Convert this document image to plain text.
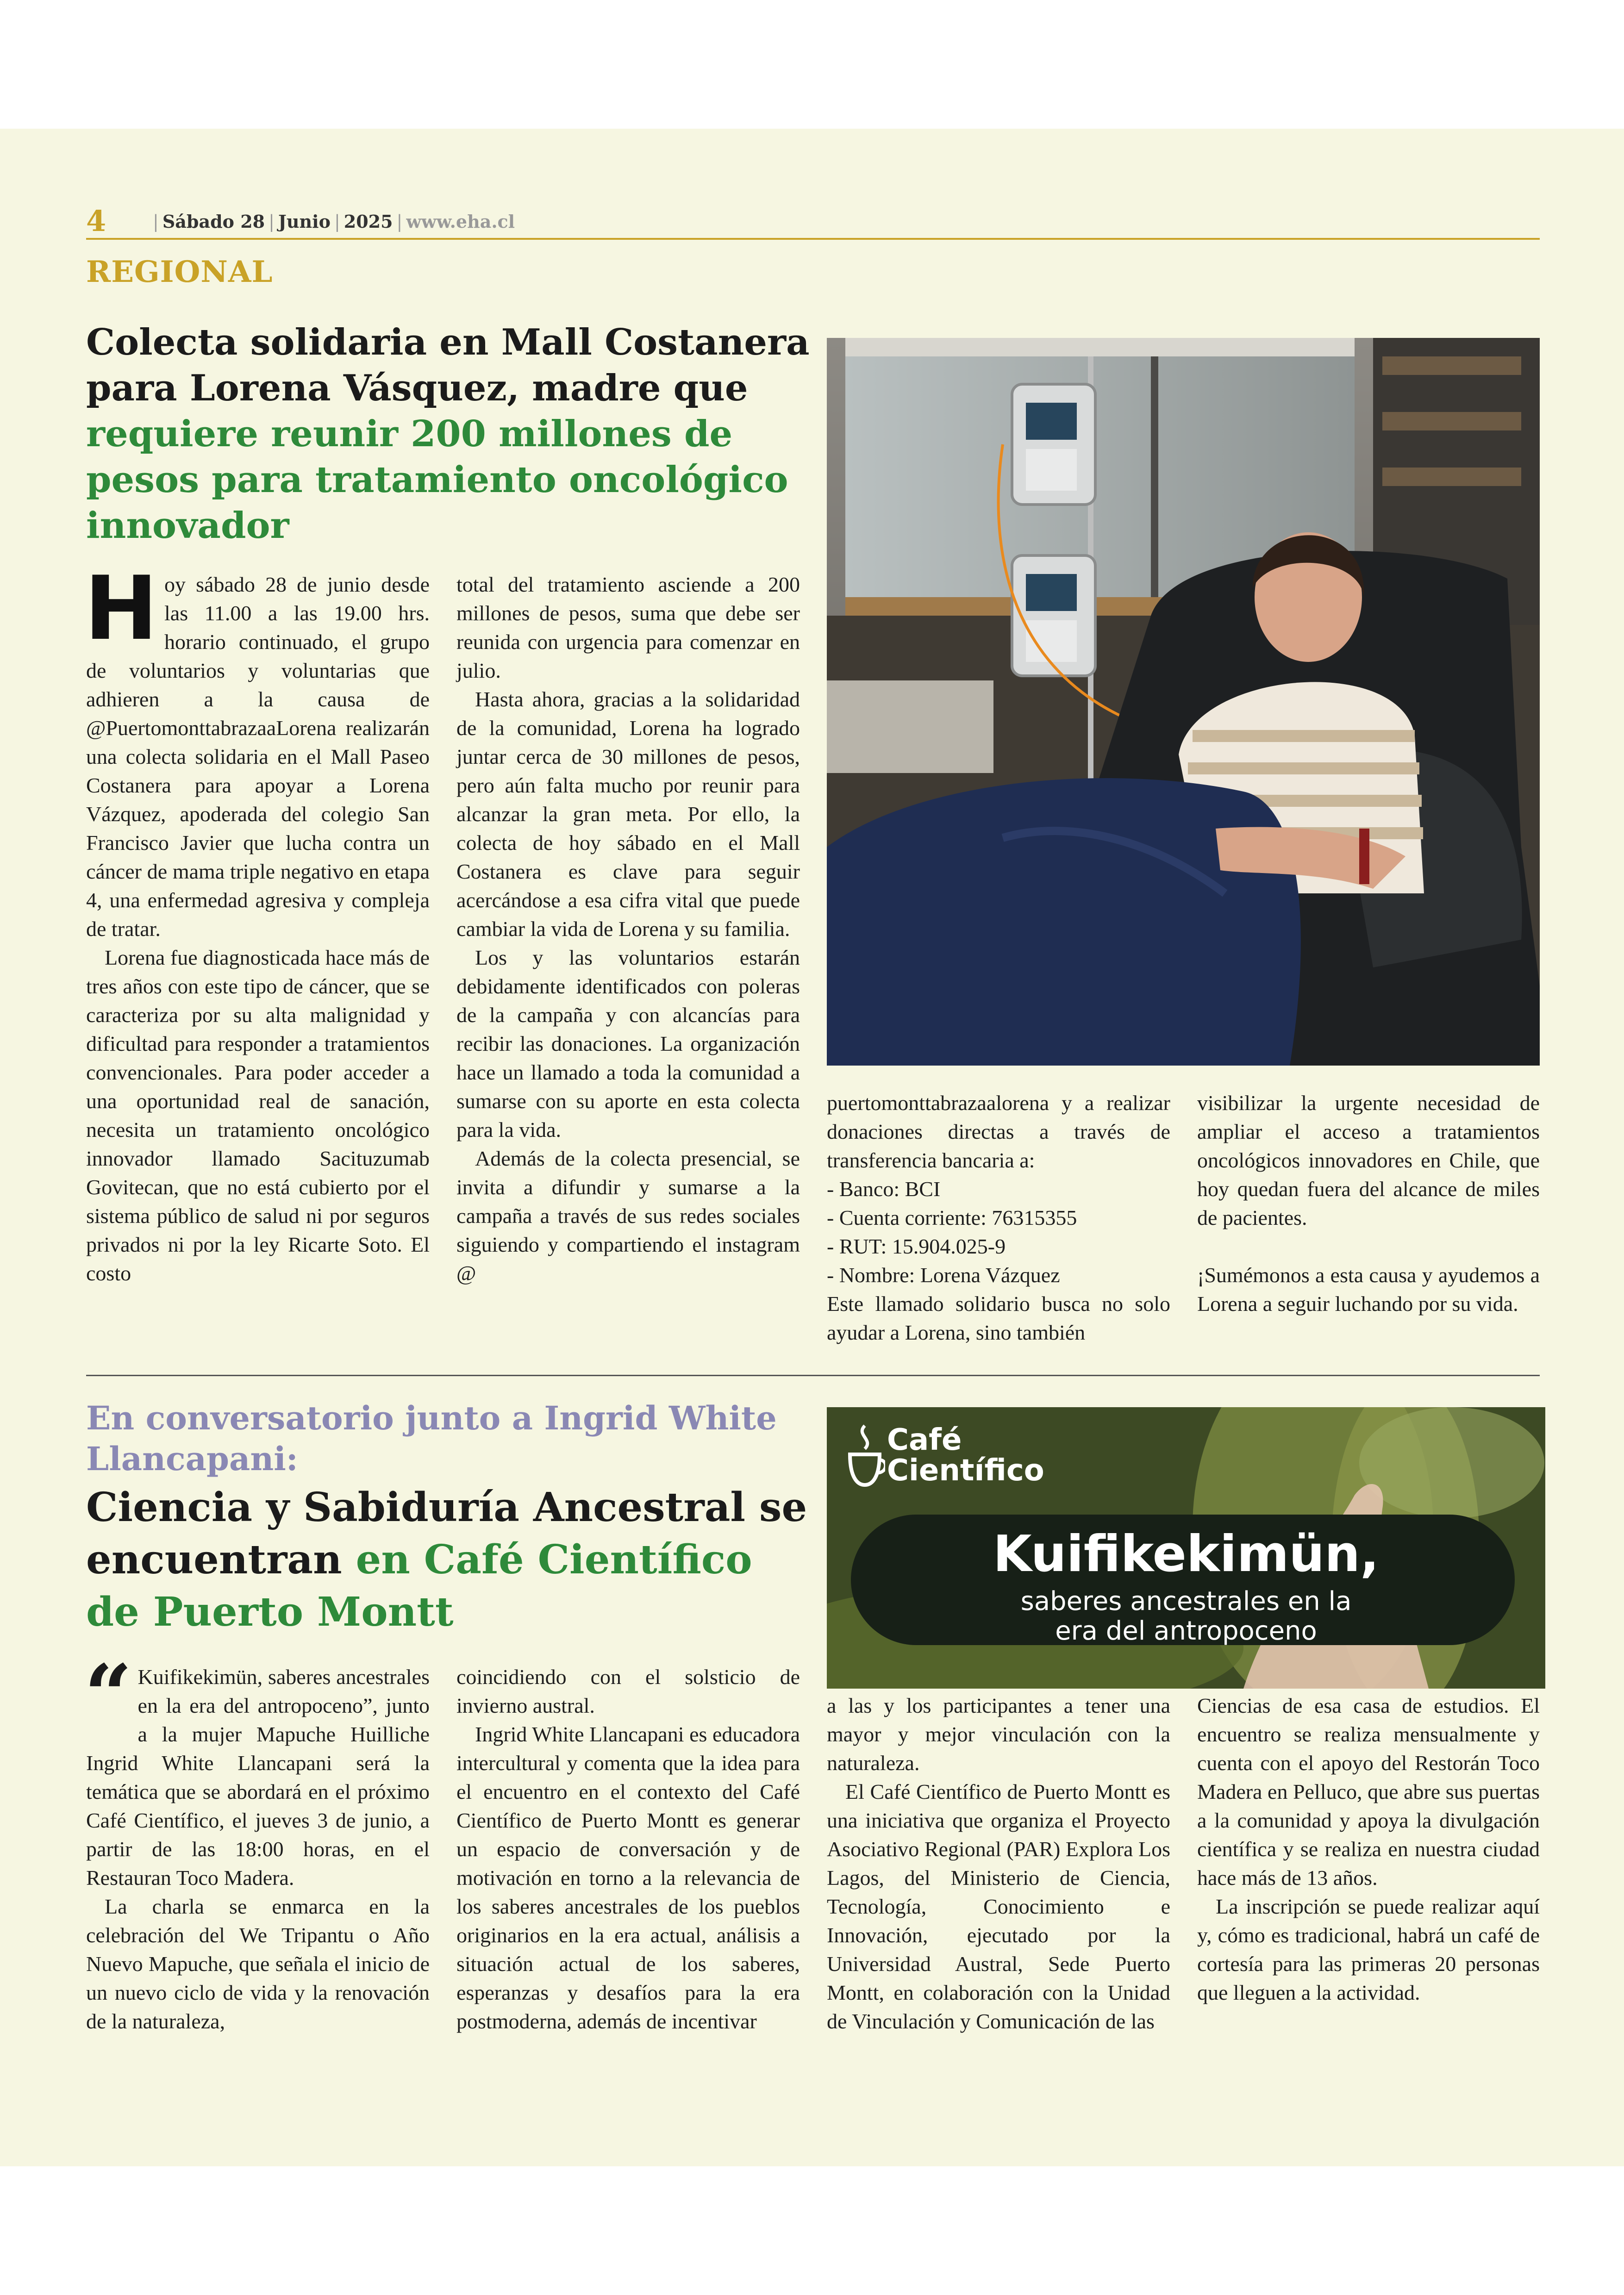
4	| Sábado 28 | Junio | 2025 | www.eha.cl
REGIONAL
Colecta solidaria en Mall Costanera para Lorena Vásquez, madre que requiere reunir 200 millones de pesos para tratamiento oncológico innovador
H oy sábado 28 de junio desde las 11.00 a las 19.00 hrs. horario continuado, el grupo de voluntarios y voluntarias que adhieren a la causa de @PuertomonttabrazaaLorena realizarán una colecta solidaria en el Mall Paseo Costanera para apoyar a Lorena Vázquez, apoderada del colegio San Francisco Javier que lucha contra un cáncer de mama triple negativo en etapa 4, una enfermedad agresiva y compleja de tratar.

Lorena fue diagnosticada hace más de tres años con este tipo de cáncer, que se caracteriza por su alta malignidad y dificultad para responder a tratamientos convencionales. Para poder acceder a una oportunidad real de sanación, necesita un tratamiento oncológico innovador llamado Sacituzumab Govitecan, que no está cubierto por el sistema público de salud ni por seguros privados ni por la ley Ricarte Soto. El costo

total del tratamiento asciende a 200 millones de pesos, suma que debe ser reunida con urgencia para comenzar en julio.

Hasta ahora, gracias a la solidaridad de la comunidad, Lorena ha logrado juntar cerca de 30 millones de pesos, pero aún falta mucho por reunir para alcanzar la gran meta. Por ello, la colecta de hoy sábado en el Mall Costanera es clave para seguir acercándose a esa cifra vital que puede cambiar la vida de Lorena y su familia.

Los y las voluntarios estarán debidamente identificados con poleras de la campaña y con alcancías para recibir las donaciones. La organización hace un llamado a toda la comunidad a sumarse con su aporte en esta colecta para la vida.

Además de la colecta presencial, se invita a difundir y sumarse a la campaña a través de sus redes sociales siguiendo y compartiendo el instagram @

puertomonttabrazaalorena y a realizar donaciones directas a través de transferencia bancaria a:

- Banco: BCI

- Cuenta corriente: 76315355

- RUT: 15.904.025-9

- Nombre: Lorena Vázquez

Este llamado solidario busca no solo ayudar a Lorena, sino también

visibilizar la urgente necesidad de ampliar el acceso a tratamientos oncológicos innovadores en Chile, que hoy quedan fuera del alcance de miles de pacientes.

¡Sumémonos a esta causa y ayudemos a Lorena a seguir luchando por su vida.

En conversatorio junto a Ingrid White Llancapani:
Ciencia y Sabiduría Ancestral se encuentran en Café Científico de Puerto Montt
Café
Científico
Kuifikekimün,
saberes ancestrales en la
era del antropoceno
“ Kuifikekimün, saberes ancestrales en la era del antropoceno”, junto a la mujer Mapuche Huilliche Ingrid White Llancapani será la temática que se abordará en el próximo Café Científico, el jueves 3 de junio, a partir de las 18:00 horas, en el Restauran Toco Madera.

La charla se enmarca en la celebración del We Tripantu o Año Nuevo Mapuche, que señala el inicio de un nuevo ciclo de vida y la renovación de la naturaleza,

coincidiendo con el solsticio de invierno austral.

Ingrid White Llancapani es educadora intercultural y comenta que la idea para el encuentro en el contexto del Café Científico de Puerto Montt es generar un espacio de conversación y de motivación en torno a la relevancia de los saberes ancestrales de los pueblos originarios en la era actual, análisis a situación actual de los saberes, esperanzas y desafíos para la era postmoderna, además de incentivar

a las y los participantes a tener una mayor y mejor vinculación con la naturaleza.

El Café Científico de Puerto Montt es una iniciativa que organiza el Proyecto Asociativo Regional (PAR) Explora Los Lagos, del Ministerio de Ciencia, Tecnología, Conocimiento e Innovación, ejecutado por la Universidad Austral, Sede Puerto Montt, en colaboración con la Unidad de Vinculación y Comunicación de las

Ciencias de esa casa de estudios. El encuentro se realiza mensualmente y cuenta con el apoyo del Restorán Toco Madera en Pelluco, que abre sus puertas a la comunidad y apoya la divulgación científica y se realiza en nuestra ciudad hace más de 13 años.

La inscripción se puede realizar aquí y, cómo es tradicional, habrá un café de cortesía para las primeras 20 personas que lleguen a la actividad.
